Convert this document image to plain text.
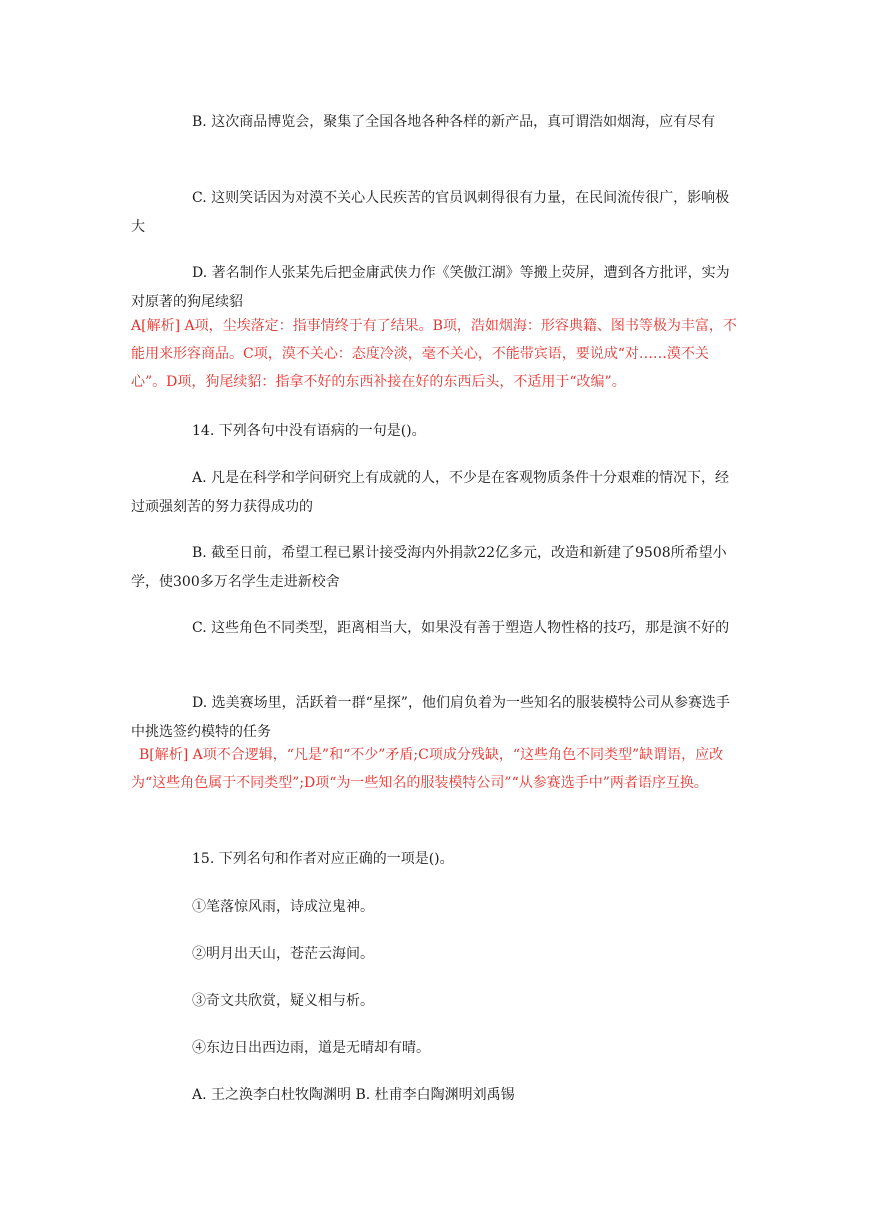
B. 这次商品博览会，聚集了全国各地各种各样的新产品，真可谓浩如烟海，应有尽有

C. 这则笑话因为对漠不关心人民疾苦的官员讽刺得很有力量，在民间流传很广，影响极大

D. 著名制作人张某先后把金庸武侠力作《笑傲江湖》等搬上荧屏，遭到各方批评，实为对原著的狗尾续貂

A[解析] A项，尘埃落定：指事情终于有了结果。B项，浩如烟海：形容典籍、图书等极为丰富，不能用来形容商品。C项，漠不关心：态度冷淡，毫不关心，不能带宾语，要说成“对……漠不关心”。D项，狗尾续貂：指拿不好的东西补接在好的东西后头，不适用于“改编”。

14. 下列各句中没有语病的一句是()。

A. 凡是在科学和学问研究上有成就的人，不少是在客观物质条件十分艰难的情况下，经过顽强刻苦的努力获得成功的

B. 截至日前，希望工程已累计接受海内外捐款22亿多元，改造和新建了9508所希望小学，使300多万名学生走进新校舍

C. 这些角色不同类型，距离相当大，如果没有善于塑造人物性格的技巧，那是演不好的

D. 选美赛场里，活跃着一群“星探”，他们肩负着为一些知名的服装模特公司从参赛选手中挑选签约模特的任务

B[解析] A项不合逻辑，“凡是”和“不少”矛盾;C项成分残缺，“这些角色不同类型”缺谓语，应改为“这些角色属于不同类型”;D项“为一些知名的服装模特公司”“从参赛选手中”两者语序互换。

15. 下列名句和作者对应正确的一项是()。

①笔落惊风雨，诗成泣鬼神。

②明月出天山，苍茫云海间。

③奇文共欣赏，疑义相与析。

④东边日出西边雨，道是无晴却有晴。

A. 王之涣李白杜牧陶渊明 B. 杜甫李白陶渊明刘禹锡
